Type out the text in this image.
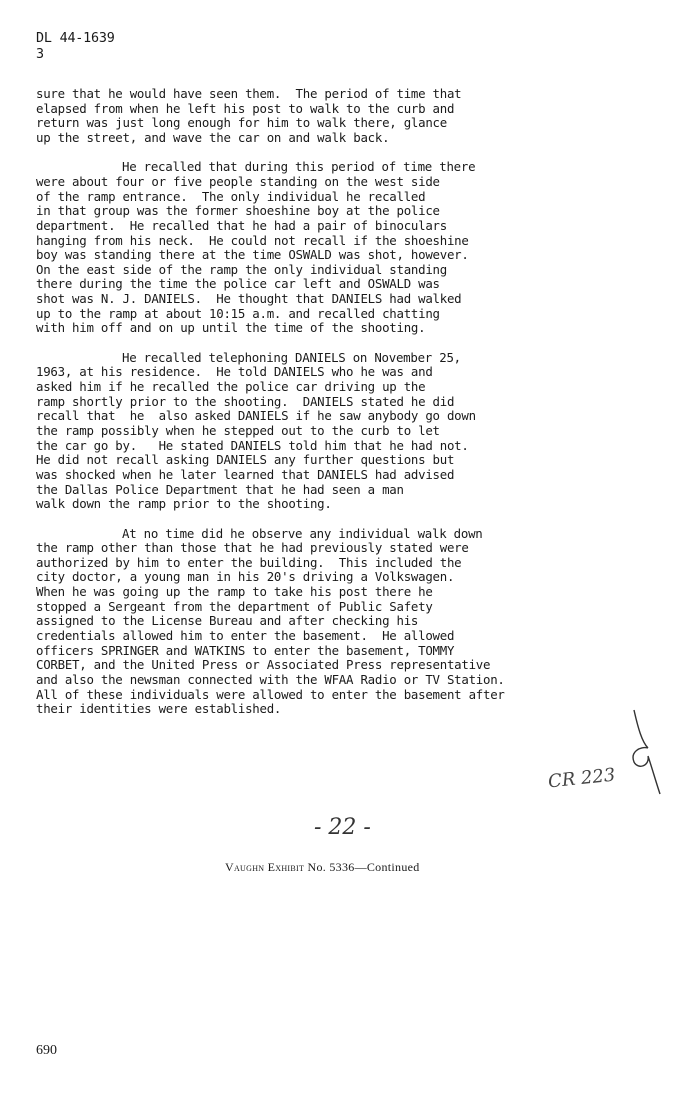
DL 44-1639
3

sure that he would have seen them.  The period of time that
elapsed from when he left his post to walk to the curb and
return was just long enough for him to walk there, glance
up the street, and wave the car on and walk back.

He recalled that during this period of time there
were about four or five people standing on the west side
of the ramp entrance.  The only individual he recalled
in that group was the former shoeshine boy at the police
department.  He recalled that he had a pair of binoculars
hanging from his neck.  He could not recall if the shoeshine
boy was standing there at the time OSWALD was shot, however.
On the east side of the ramp the only individual standing
there during the time the police car left and OSWALD was
shot was N. J. DANIELS.  He thought that DANIELS had walked
up to the ramp at about 10:15 a.m. and recalled chatting
with him off and on up until the time of the shooting.

He recalled telephoning DANIELS on November 25,
1963, at his residence.  He told DANIELS who he was and
asked him if he recalled the police car driving up the
ramp shortly prior to the shooting.  DANIELS stated he did
recall that  he  also asked DANIELS if he saw anybody go down
the ramp possibly when he stepped out to the curb to let
the car go by.   He stated DANIELS told him that he had not.
He did not recall asking DANIELS any further questions but
was shocked when he later learned that DANIELS had advised
the Dallas Police Department that he had seen a man
walk down the ramp prior to the shooting.

At no time did he observe any individual walk down
the ramp other than those that he had previously stated were
authorized by him to enter the building.  This included the
city doctor, a young man in his 20's driving a Volkswagen.
When he was going up the ramp to take his post there he
stopped a Sergeant from the department of Public Safety
assigned to the License Bureau and after checking his
credentials allowed him to enter the basement.  He allowed
officers SPRINGER and WATKINS to enter the basement, TOMMY
CORBET, and the United Press or Associated Press representative
and also the newsman connected with the WFAA Radio or TV Station.
All of these individuals were allowed to enter the basement after
their identities were established.

CR 223
- 22 -
Vaughn Exhibit No. 5336—Continued
690
